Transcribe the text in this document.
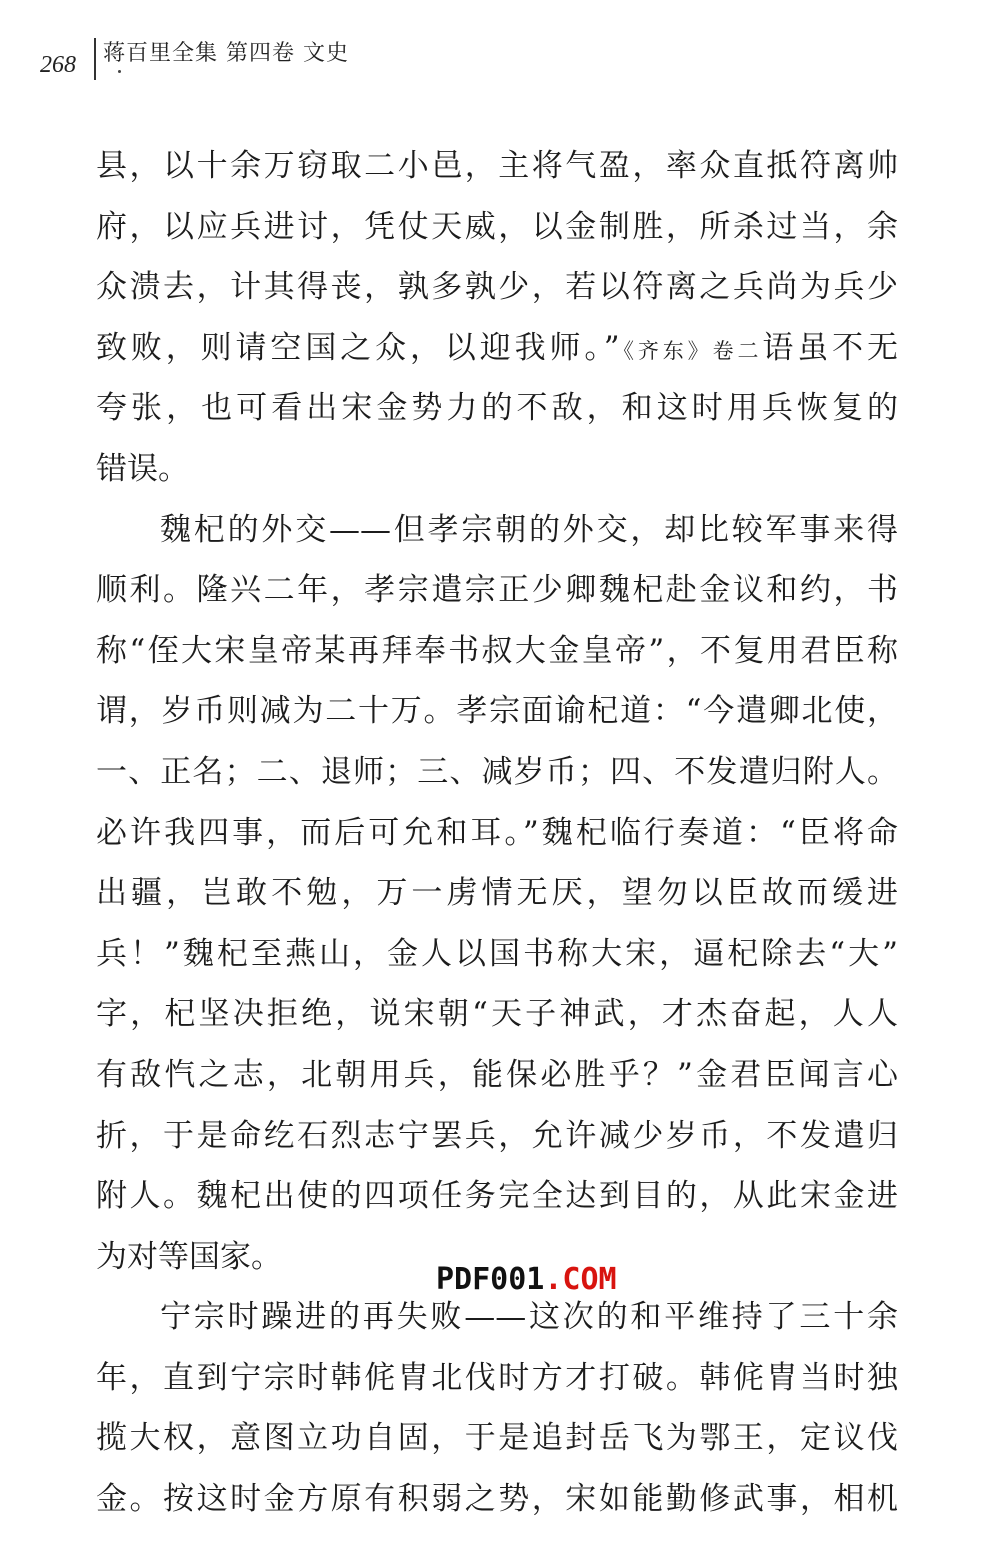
268 蒋百里全集 第四卷 文史
县，以十余万窃取二小邑，主将气盈，率众直抵符离帅
府，以应兵进讨，凭仗天威，以金制胜，所杀过当，余
众溃去，计其得丧，孰多孰少，若以符离之兵尚为兵少
致败，则请空国之众，以迎我师。”《齐东》卷二语虽不无
夸张，也可看出宋金势力的不敌，和这时用兵恢复的
错误。
魏杞的外交——但孝宗朝的外交，却比较军事来得
顺利。隆兴二年，孝宗遣宗正少卿魏杞赴金议和约，书
称“侄大宋皇帝某再拜奉书叔大金皇帝”，不复用君臣称
谓，岁币则减为二十万。孝宗面谕杞道：“今遣卿北使，
一、正名；二、退师；三、减岁币；四、不发遣归附人。
必许我四事，而后可允和耳。”魏杞临行奏道：“臣将命
出疆，岂敢不勉，万一虏情无厌，望勿以臣故而缓进
兵！”魏杞至燕山，金人以国书称大宋，逼杞除去“大”
字，杞坚决拒绝，说宋朝“天子神武，才杰奋起，人人
有敌忾之志，北朝用兵，能保必胜乎？”金君臣闻言心
折，于是命纥石烈志宁罢兵，允许减少岁币，不发遣归
附人。魏杞出使的四项任务完全达到目的，从此宋金进
为对等国家。
宁宗时躁进的再失败——这次的和平维持了三十余
年，直到宁宗时韩侂胄北伐时方才打破。韩侂胄当时独
揽大权，意图立功自固，于是追封岳飞为鄂王，定议伐
金。按这时金方原有积弱之势，宋如能勤修武事，相机
PDF001.COM
